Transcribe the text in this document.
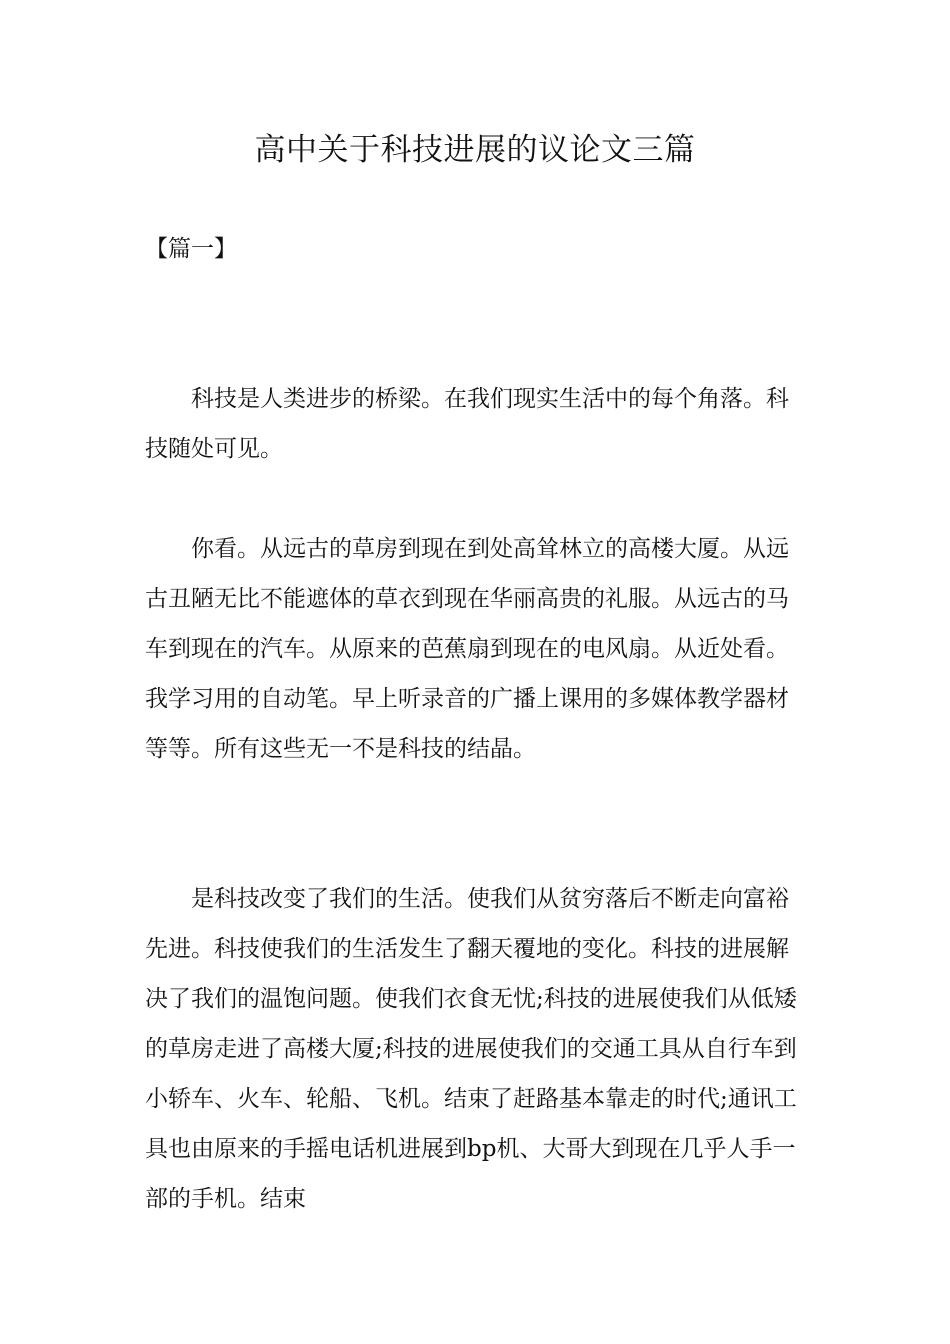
高中关于科技进展的议论文三篇
【篇一】

科技是人类进步的桥梁。在我们现实生活中的每个角落。科技随处可见。

你看。从远古的草房到现在到处高耸林立的高楼大厦。从远古丑陋无比不能遮体的草衣到现在华丽高贵的礼服。从远古的马车到现在的汽车。从原来的芭蕉扇到现在的电风扇。从近处看。我学习用的自动笔。早上听录音的广播上课用的多媒体教学器材等等。所有这些无一不是科技的结晶。

是科技改变了我们的生活。使我们从贫穷落后不断走向富裕先进。科技使我们的生活发生了翻天覆地的变化。科技的进展解决了我们的温饱问题。使我们衣食无忧;科技的进展使我们从低矮的草房走进了高楼大厦;科技的进展使我们的交通工具从自行车到小轿车、火车、轮船、飞机。结束了赶路基本靠走的时代;通讯工具也由原来的手摇电话机进展到bp机、大哥大到现在几乎人手一部的手机。结束
